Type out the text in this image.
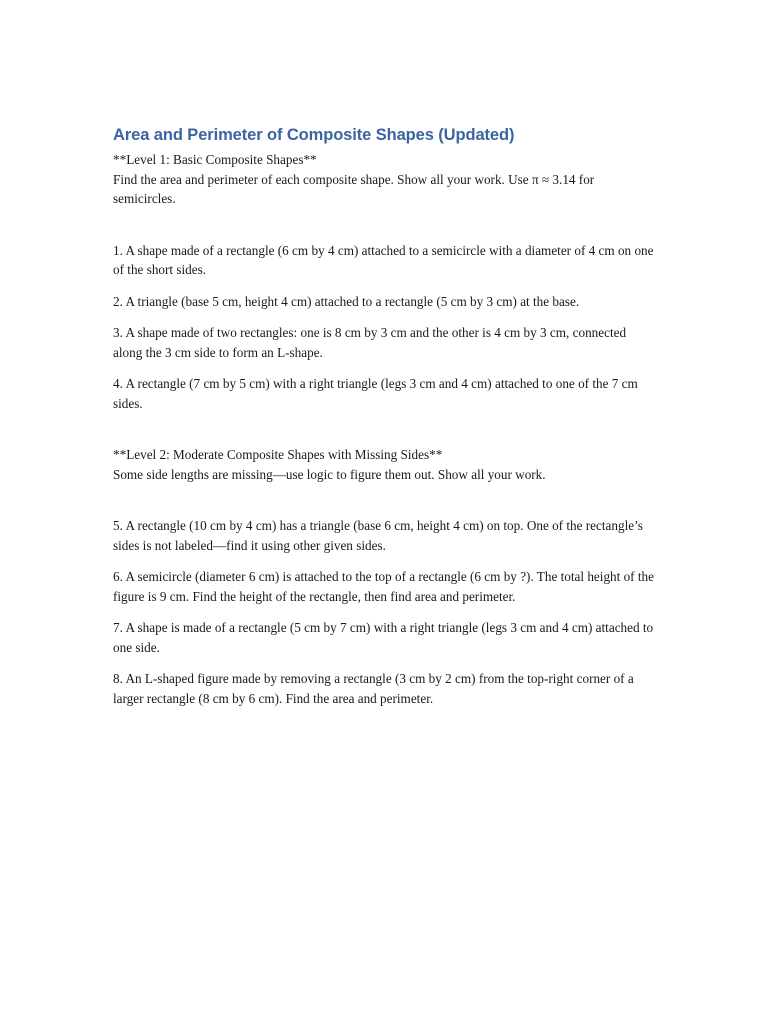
Area and Perimeter of Composite Shapes (Updated)

**Level 1: Basic Composite Shapes**

Find the area and perimeter of each composite shape. Show all your work. Use π ≈ 3.14 for semicircles.

1. A shape made of a rectangle (6 cm by 4 cm) attached to a semicircle with a diameter of 4 cm on one of the short sides.

2. A triangle (base 5 cm, height 4 cm) attached to a rectangle (5 cm by 3 cm) at the base.

3. A shape made of two rectangles: one is 8 cm by 3 cm and the other is 4 cm by 3 cm, connected along the 3 cm side to form an L-shape.

4. A rectangle (7 cm by 5 cm) with a right triangle (legs 3 cm and 4 cm) attached to one of the 7 cm sides.

**Level 2: Moderate Composite Shapes with Missing Sides**

Some side lengths are missing—use logic to figure them out. Show all your work.

5. A rectangle (10 cm by 4 cm) has a triangle (base 6 cm, height 4 cm) on top. One of the rectangle’s sides is not labeled—find it using other given sides.

6. A semicircle (diameter 6 cm) is attached to the top of a rectangle (6 cm by ?). The total height of the figure is 9 cm. Find the height of the rectangle, then find area and perimeter.

7. A shape is made of a rectangle (5 cm by 7 cm) with a right triangle (legs 3 cm and 4 cm) attached to one side.

8. An L-shaped figure made by removing a rectangle (3 cm by 2 cm) from the top-right corner of a larger rectangle (8 cm by 6 cm). Find the area and perimeter.
